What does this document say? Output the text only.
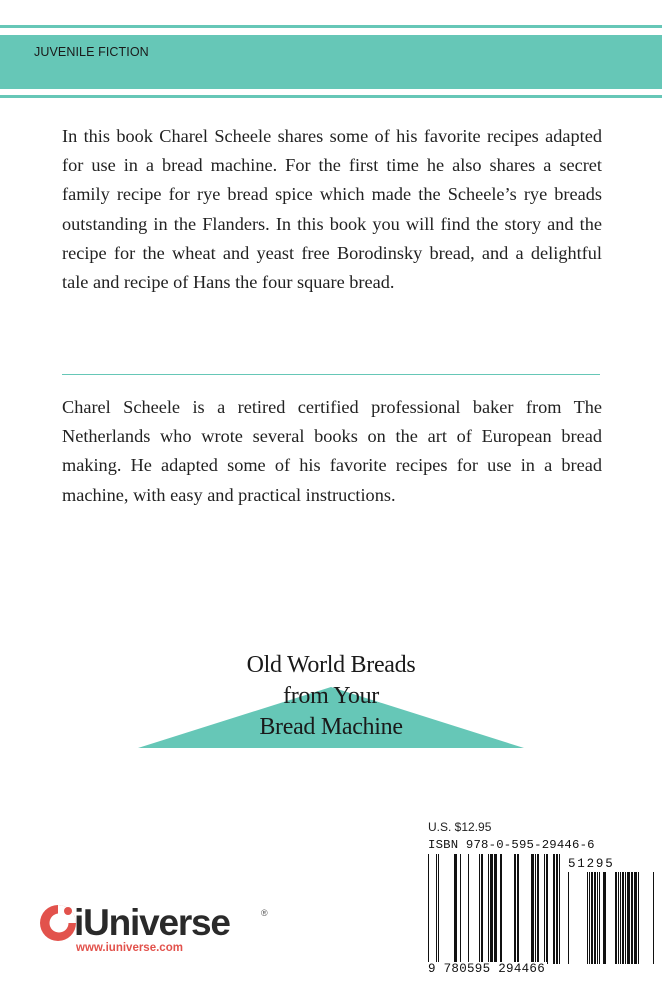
JUVENILE FICTION

In this book Charel Scheele shares some of his favorite recipes adapted for use in a bread machine. For the first time he also shares a secret family recipe for rye bread spice which made the Scheele’s rye breads outstanding in the Flanders. In this book you will find the story and the recipe for the wheat and yeast free Borodinsky bread, and a delightful tale and recipe of Hans the four square bread.

Charel Scheele is a retired certified professional baker from The Netherlands who wrote several books on the art of European bread making. He adapted some of his favorite recipes for use in a bread machine, with easy and practical instructions.

Old World Breads
from Your
Bread Machine
U.S. $12.95
ISBN 978-0-595-29446-6
51295
9 780595 294466
iUniverse	®
www.iuniverse.com
